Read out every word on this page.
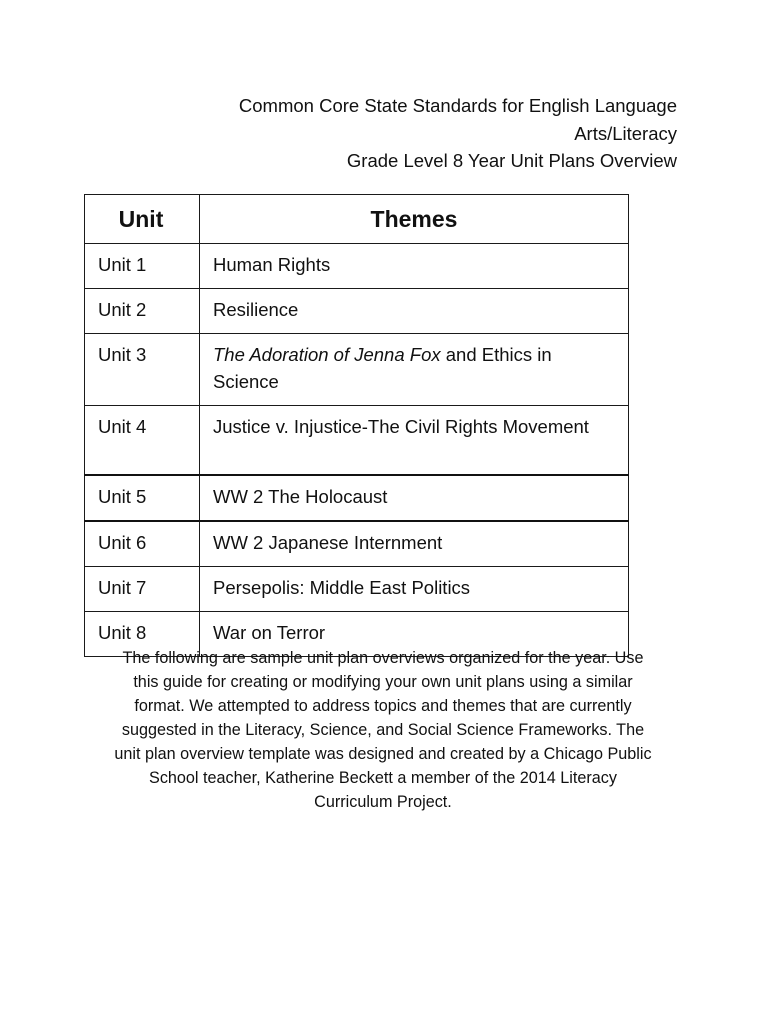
Common Core State Standards for English Language
Arts/Literacy
Grade Level 8 Year Unit Plans Overview
Unit	Themes
Unit 1	Human Rights
Unit 2	Resilience
Unit 3	The Adoration of Jenna Fox and Ethics in Science
Unit 4	Justice v. Injustice-The Civil Rights Movement
Unit 5	WW 2 The Holocaust
Unit 6	WW 2 Japanese Internment
Unit 7	Persepolis: Middle East Politics
Unit 8	War on Terror
The following are sample unit plan overviews organized for the year. Use
this guide for creating or modifying your own unit plans using a similar
format. We attempted to address topics and themes that are currently
suggested in the Literacy, Science, and Social Science Frameworks. The
unit plan overview template was designed and created by a Chicago Public
School teacher, Katherine Beckett a member of the 2014 Literacy
Curriculum Project.
